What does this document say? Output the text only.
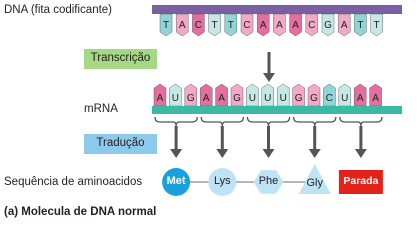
T A C T T C A A A C G A T T
A U G A A G U U U G G C U A A
DNA (fita codificante)
Transcrição
mRNA
Tradução
Sequência de aminoacidos
(a) Molecula de DNA normal
Met	Lys	Phe	Gly	Parada
